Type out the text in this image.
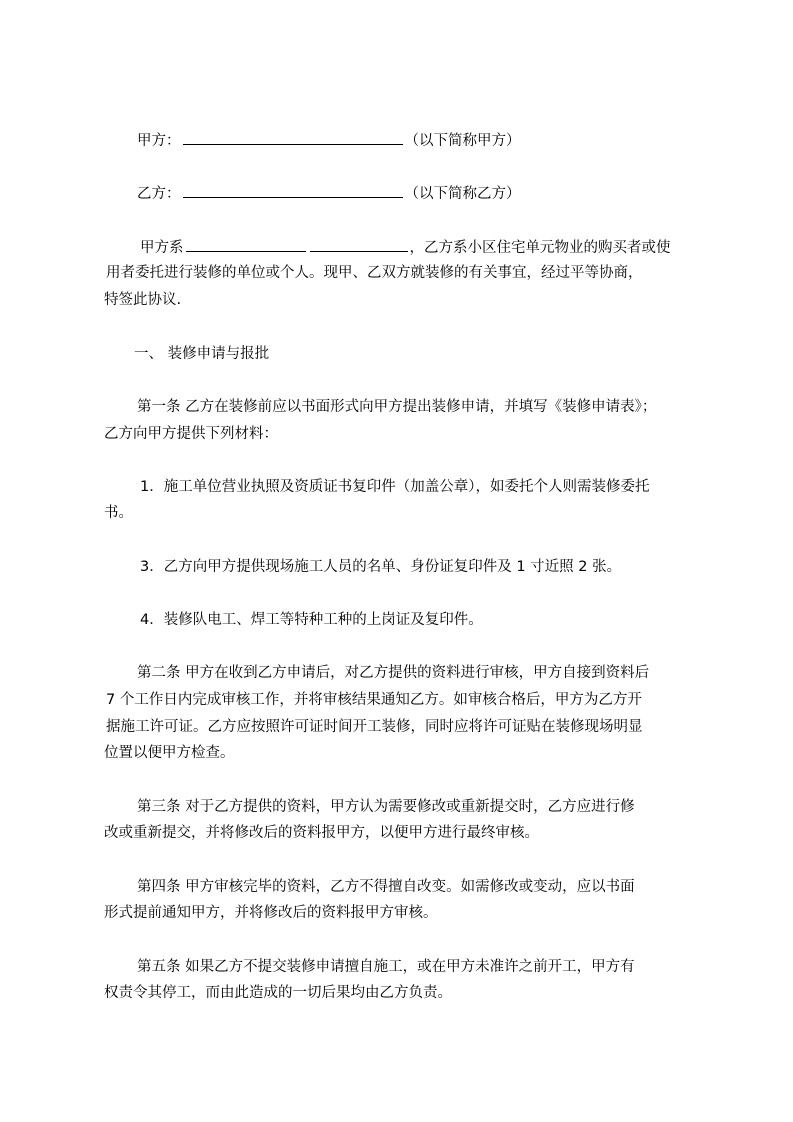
甲方：	（以下简称甲方）
乙方：	（以下简称乙方）
甲方系	，乙方系小区住宅单元物业的购买者或使
用者委托进行装修的单位或个人。现甲、乙双方就装修的有关事宜，经过平等协商，
特签此协议.
一、 装修申请与报批
第一条 乙方在装修前应以书面形式向甲方提出装修申请，并填写《装修申请表》；
乙方向甲方提供下列材料：
1．施工单位营业执照及资质证书复印件（加盖公章），如委托个人则需装修委托
书。
3．乙方向甲方提供现场施工人员的名单、身份证复印件及 1 寸近照 2 张。
4．装修队电工、焊工等特种工种的上岗证及复印件。
第二条 甲方在收到乙方申请后，对乙方提供的资料进行审核，甲方自接到资料后
7 个工作日内完成审核工作，并将审核结果通知乙方。如审核合格后，甲方为乙方开
据施工许可证。乙方应按照许可证时间开工装修，同时应将许可证贴在装修现场明显
位置以便甲方检查。
第三条 对于乙方提供的资料，甲方认为需要修改或重新提交时，乙方应进行修
改或重新提交，并将修改后的资料报甲方，以便甲方进行最终审核。
第四条 甲方审核完毕的资料，乙方不得擅自改变。如需修改或变动，应以书面
形式提前通知甲方，并将修改后的资料报甲方审核。
第五条 如果乙方不提交装修申请擅自施工，或在甲方未准许之前开工，甲方有
权责令其停工，而由此造成的一切后果均由乙方负责。
